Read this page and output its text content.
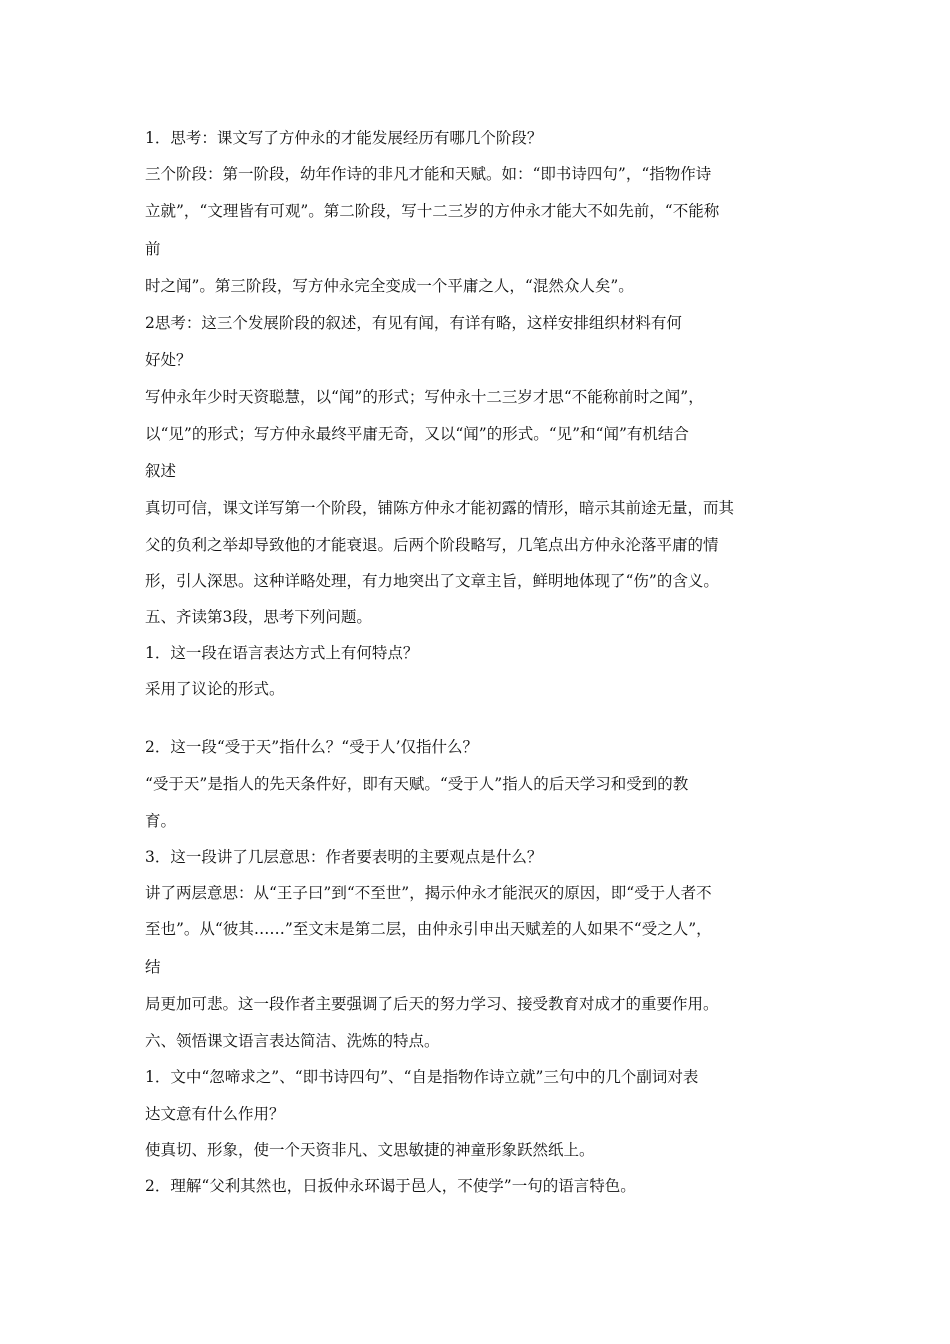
1．思考：课文写了方仲永的才能发展经历有哪几个阶段？

三个阶段：第一阶段，幼年作诗的非凡才能和天赋。如：“即书诗四句”，“指物作诗

立就”，“文理皆有可观”。第二阶段，写十二三岁的方仲永才能大不如先前，“不能称

前

时之闻”。第三阶段，写方仲永完全变成一个平庸之人，“混然众人矣”。

2思考：这三个发展阶段的叙述，有见有闻，有详有略，这样安排组织材料有何

好处？

写仲永年少时天资聪慧，以“闻”的形式；写仲永十二三岁才思“不能称前时之闻”，

以“见”的形式；写方仲永最终平庸无奇，又以“闻”的形式。“见”和“闻”有机结合

叙述

真切可信，课文详写第一个阶段，铺陈方仲永才能初露的情形，暗示其前途无量，而其

父的负利之举却导致他的才能衰退。后两个阶段略写，几笔点出方仲永沦落平庸的情

形，引人深思。这种详略处理，有力地突出了文章主旨，鲜明地体现了“伤”的含义。

五、齐读第3段，思考下列问题。

1．这一段在语言表达方式上有何特点？

采用了议论的形式。

2．这一段“受于天”指什么？“受于人’仅指什么？

“受于天”是指人的先天条件好，即有天赋。“受于人”指人的后天学习和受到的教

育。

3．这一段讲了几层意思：作者要表明的主要观点是什么？

讲了两层意思：从“王子曰”到“不至世”，揭示仲永才能泯灭的原因，即“受于人者不

至也”。从“彼其……”至文末是第二层，由仲永引申出天赋差的人如果不“受之人”，

结

局更加可悲。这一段作者主要强调了后天的努力学习、接受教育对成才的重要作用。

六、领悟课文语言表达简洁、洗炼的特点。

1．文中“忽啼求之”、“即书诗四句”、“自是指物作诗立就”三句中的几个副词对表

达文意有什么作用？

使真切、形象，使一个天资非凡、文思敏捷的神童形象跃然纸上。

2．理解“父利其然也，日扳仲永环谒于邑人，不使学”一句的语言特色。
